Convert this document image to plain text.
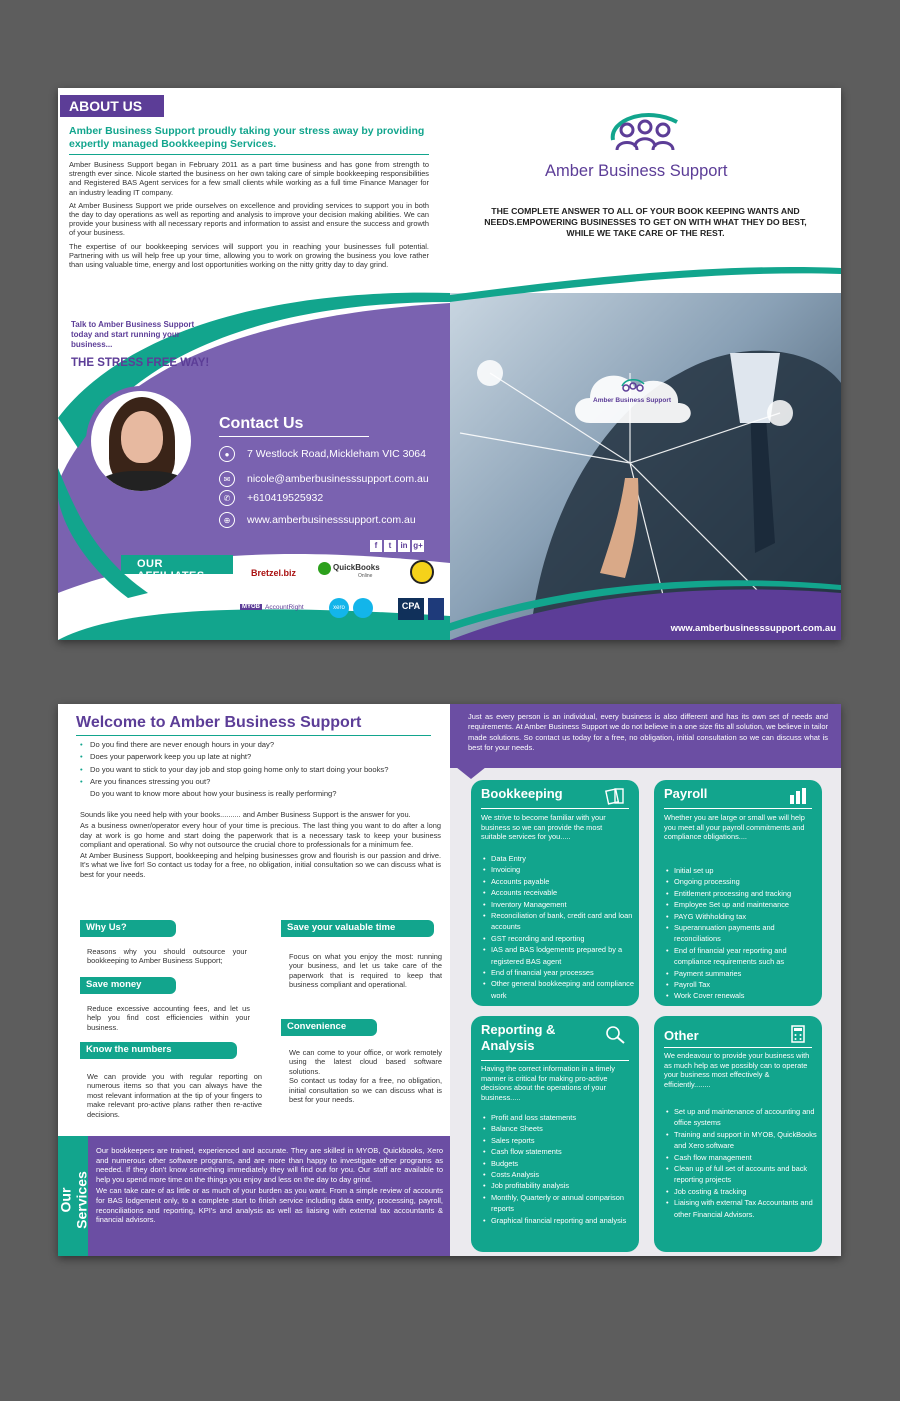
ABOUT US
Amber Business Support proudly taking your stress away by providing expertly managed Bookkeeping Services.

Amber Business Support began in February 2011 as a part time business and has gone from strength to strength ever since. Nicole started the business on her own taking care of simple bookkeeping responsibilities and Registered BAS Agent services for a few small clients while working as a full time Finance Manager for an industry leading IT company.

At Amber Business Support we pride ourselves on excellence and providing services to support you in both the day to day operations as well as reporting and analysis to improve your decision making abilities. We can provide your business with all necessary reports and information to assist and ensure the success and growth of your business.

The expertise of our bookkeeping services will support you in reaching your businesses full potential. Partnering with us will help free up your time, allowing you to work on growing the business you love rather than using valuable time, energy and lost opportunities working on the nitty gritty day to day grind.

Talk to Amber Business Support today and start running your business...
THE STRESS FREE WAY!
Contact Us
●	7 Westlock Road,Mickleham VIC 3064
✉	nicole@amberbusinesssupport.com.au
✆	+610419525932
⊕	www.amberbusinesssupport.com.au
f	t	in g+
OUR AFFILIATES	Bretzel.biz
QuickBooks
Online
MYOB AccountRight	xero	CPA
Amber Business Support
THE COMPLETE ANSWER TO ALL OF YOUR BOOK KEEPING WANTS AND NEEDS.EMPOWERING BUSINESSES TO GET ON WITH WHAT THEY DO BEST, WHILE WE TAKE CARE OF THE REST.
www.amberbusinesssupport.com.au
Amber Business Support
Welcome to Amber Business Support
• Do you find there are never enough hours in your day?
• Does your paperwork keep you up late at night?
• Do you want to stick to your day job and stop going home only to start doing your books?
• Are you finances stressing you out?
Do you want to know more about how your business is really performing?

Sounds like you need help with your books.......... and Amber Business Support is the answer for you.

As a business owner/operator every hour of your time is precious. The last thing you want to do after a long day at work is go home and start doing the paperwork that is a necessary task to keep your business compliant and operational. So why not outsource the crucial chore to professionals for a minimum fee.

At Amber Business Support, bookkeeping and helping businesses grow and flourish is our passion and drive. It's what we live for! So contact us today for a free, no obligation, initial consultation so we can discuss what is best for your needs.

Why Us?
Reasons why you should outsource your bookkeeping to Amber Business Support;
Save money
Reduce excessive accounting fees, and let us help you find cost efficiencies within your business.
Know the numbers
We can provide you with regular reporting on numerous items so that you can always have the most relevant information at the tip of your fingers to make relevant pro-active plans rather then re-active decisions.
Save your valuable time
Focus on what you enjoy the most: running your business, and let us take care of the paperwork that is required to keep that business compliant and operational.
Convenience
We can come to your office, or work remotely using the latest cloud based software solutions.
So contact us today for a free, no obligation, initial consultation so we can discuss what is best for your needs.
Our Services

Our bookkeepers are trained, experienced and accurate. They are skilled in MYOB, Quickbooks, Xero and numerous other software programs, and are more than happy to investigate other programs as needed. If they don't know something immediately they will find out for you. Our staff are available to help you spend more time on the things you enjoy and less on the day to day grind.

We can take care of as little or as much of your burden as you want. From a simple review of accounts for BAS lodgement only, to a complete start to finish service including data entry, processing, payroll, reconciliations and reporting, KPI's and analysis as well as liaising with external tax accountants & financial advisors.

Just as every person is an individual, every business is also different and has its own set of needs and requirements. At Amber Business Support we do not believe in a one size fits all solution, we believe in tailor made solutions. So contact us today for a free, no obligation, initial consultation so we can discuss what is best for your needs.
Bookkeeping
We strive to become familiar with your business so we can provide the most suitable services for you.....
• Data Entry
• Invoicing
• Accounts payable
• Accounts receivable
• Inventory Management
• Reconciliation of bank, credit card and loan accounts
• GST recording and reporting
• IAS and BAS lodgements prepared by a registered BAS agent
• End of financial year processes
• Other general bookkeeping and compliance work
Payroll
Whether you are large or small we will help you meet all your payroll commitments and compliance obligations....
• Initial set up
• Ongoing processing
• Entitlement processing and tracking
• Employee Set up and maintenance
• PAYG Withholding tax
• Superannuation payments and reconciliations
• End of financial year reporting and compliance requirements such as
• Payment summaries
• Payroll Tax
• Work Cover renewals
Reporting & Analysis
Having the correct information in a timely manner is critical for making pro-active decisions about the operations of your business.....
• Profit and loss statements
• Balance Sheets
• Sales reports
• Cash flow statements
• Budgets
• Costs Analysis
• Job profitability analysis
• Monthly, Quarterly or annual comparison reports
• Graphical financial reporting and analysis
Other
We endeavour to provide your business with as much help as we possibly can to operate your business most effectively & efficiently........
• Set up and maintenance of accounting and office systems
• Training and support in MYOB, QuickBooks and Xero software
• Cash flow management
• Clean up of full set of accounts and back reporting projects
• Job costing & tracking
• Liaising with external Tax Accountants and other Financial Advisors.
